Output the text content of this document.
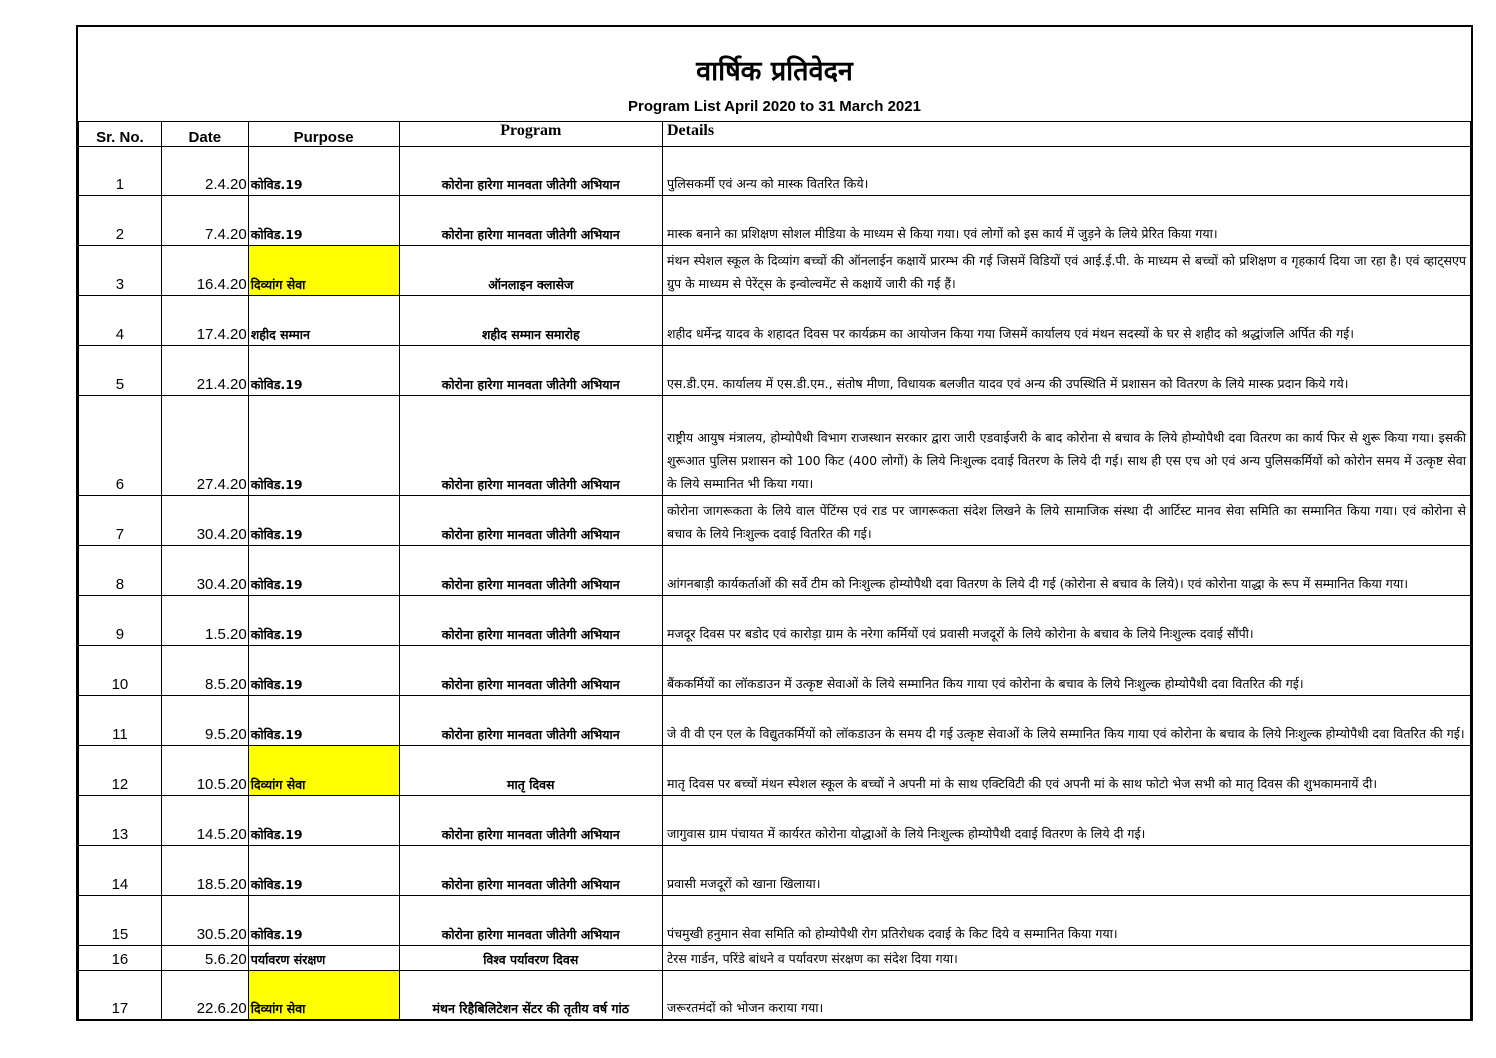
वार्षिक प्रतिवेदन
Program List April 2020 to 31 March 2021
Sr. No.	Date	Purpose	Program	Details

1	2.4.20	कोविड.19	कोरोना हारेगा मानवता जीतेगी अभियान	पुलिसकर्मी एवं अन्य को मास्क वितरित किये।
2	7.4.20	कोविड.19	कोरोना हारेगा मानवता जीतेगी अभियान	मास्क बनाने का प्रशिक्षण सोशल मीडिया के माध्यम से किया गया। एवं लोगों को इस कार्य में जुड़ने के लिये प्रेरित किया गया।
3	16.4.20	दिव्यांग सेवा	ऑनलाइन क्लासेज	मंथन स्पेशल स्कूल के दिव्यांग बच्चों की ऑनलाईन कक्षायें प्रारम्भ की गई जिसमें विडियों एवं आई.ई.पी. के माध्यम से बच्चों को प्रशिक्षण व गृहकार्य दिया जा रहा है। एवं व्हाट्सएप ग्रुप के माध्यम से पेरेंट्स के इन्वोल्वमेंट से कक्षायें जारी की गई हैं।
4	17.4.20	शहीद सम्मान	शहीद सम्मान समारोह	शहीद धर्मेन्द्र यादव के शहादत दिवस पर कार्यक्रम का आयोजन किया गया जिसमें कार्यालय एवं मंथन सदस्यों के घर से शहीद को श्रद्धांजलि अर्पित की गई।
5	21.4.20	कोविड.19	कोरोना हारेगा मानवता जीतेगी अभियान	एस.डी.एम. कार्यालय में एस.डी.एम., संतोष मीणा, विधायक बलजीत यादव एवं अन्य की उपस्थिति में प्रशासन को वितरण के लिये मास्क प्रदान किये गये।
6	27.4.20	कोविड.19	कोरोना हारेगा मानवता जीतेगी अभियान	राष्ट्रीय आयुष मंत्रालय, होम्योपैथी विभाग राजस्थान सरकार द्वारा जारी एडवाईजरी के बाद कोरोना से बचाव के लिये होम्योपैथी दवा वितरण का कार्य फिर से शुरू किया गया। इसकी शुरूआत पुलिस प्रशासन को 100 किट (400 लोगों) के लिये निःशुल्क दवाई वितरण के लिये दी गई। साथ ही एस एच ओ एवं अन्य पुलिसकर्मियों को कोरोन समय में उत्कृष्ट सेवा के लिये सम्मानित भी किया गया।
7	30.4.20	कोविड.19	कोरोना हारेगा मानवता जीतेगी अभियान	कोरोना जागरूकता के लिये वाल पेंटिंग्स एवं राड पर जागरूकता संदेश लिखने के लिये सामाजिक संस्था दी आर्टिस्ट मानव सेवा समिति का सम्मानित किया गया। एवं कोरोना से बचाव के लिये निःशुल्क दवाई वितरित की गई।
8	30.4.20	कोविड.19	कोरोना हारेगा मानवता जीतेगी अभियान	आंगनबाड़ी कार्यकर्ताओं की सर्वे टीम को निःशुल्क होम्योपैथी दवा वितरण के लिये दी गई (कोरोना से बचाव के लिये)। एवं कोरोना याद्धा के रूप में सम्मानित किया गया।
9	1.5.20	कोविड.19	कोरोना हारेगा मानवता जीतेगी अभियान	मजदूर दिवस पर बडोद एवं कारोड़ा ग्राम के नरेगा कर्मियों एवं प्रवासी मजदूरों के लिये कोरोना के बचाव के लिये निःशुल्क दवाई सौंपी।
10	8.5.20	कोविड.19	कोरोना हारेगा मानवता जीतेगी अभियान	बैंककर्मियों का लॉकडाउन में उत्कृष्ट सेवाओं के लिये सम्मानित किय गाया एवं कोरोना के बचाव के लिये निःशुल्क होम्योपैथी दवा वितरित की गई।
11	9.5.20	कोविड.19	कोरोना हारेगा मानवता जीतेगी अभियान	जे वी वी एन एल के विद्युतकर्मियों को लॉकडाउन के समय दी गई उत्कृष्ट सेवाओं के लिये सम्मानित किय गाया एवं कोरोना के बचाव के लिये निःशुल्क होम्योपैथी दवा वितरित की गई।
12	10.5.20	दिव्यांग सेवा	मातृ दिवस	मातृ दिवस पर बच्चों मंथन स्पेशल स्कूल के बच्चों ने अपनी मां के साथ एक्टिविटी की एवं अपनी मां के साथ फोटो भेज सभी को मातृ दिवस की शुभकामनायें दी।
13	14.5.20	कोविड.19	कोरोना हारेगा मानवता जीतेगी अभियान	जागुवास ग्राम पंचायत में कार्यरत कोरोना योद्धाओं के लिये निःशुल्क होम्योपैथी दवाई वितरण के लिये दी गई।
14	18.5.20	कोविड.19	कोरोना हारेगा मानवता जीतेगी अभियान	प्रवासी मजदूरों को खाना खिलाया।
15	30.5.20	कोविड.19	कोरोना हारेगा मानवता जीतेगी अभियान	पंचमुखी हनुमान सेवा समिति को होम्योपैथी रोग प्रतिरोधक दवाई के किट दिये व सम्मानित किया गया।
16	5.6.20	पर्यावरण संरक्षण	विश्व पर्यावरण दिवस	टेरस गार्डन, परिंडे बांधने व पर्यावरण संरक्षण का संदेश दिया गया।
17	22.6.20	दिव्यांग सेवा	मंथन रिहैबिलिटेशन सेंटर की तृतीय वर्ष गांठ	जरूरतमंदों को भोजन कराया गया।
